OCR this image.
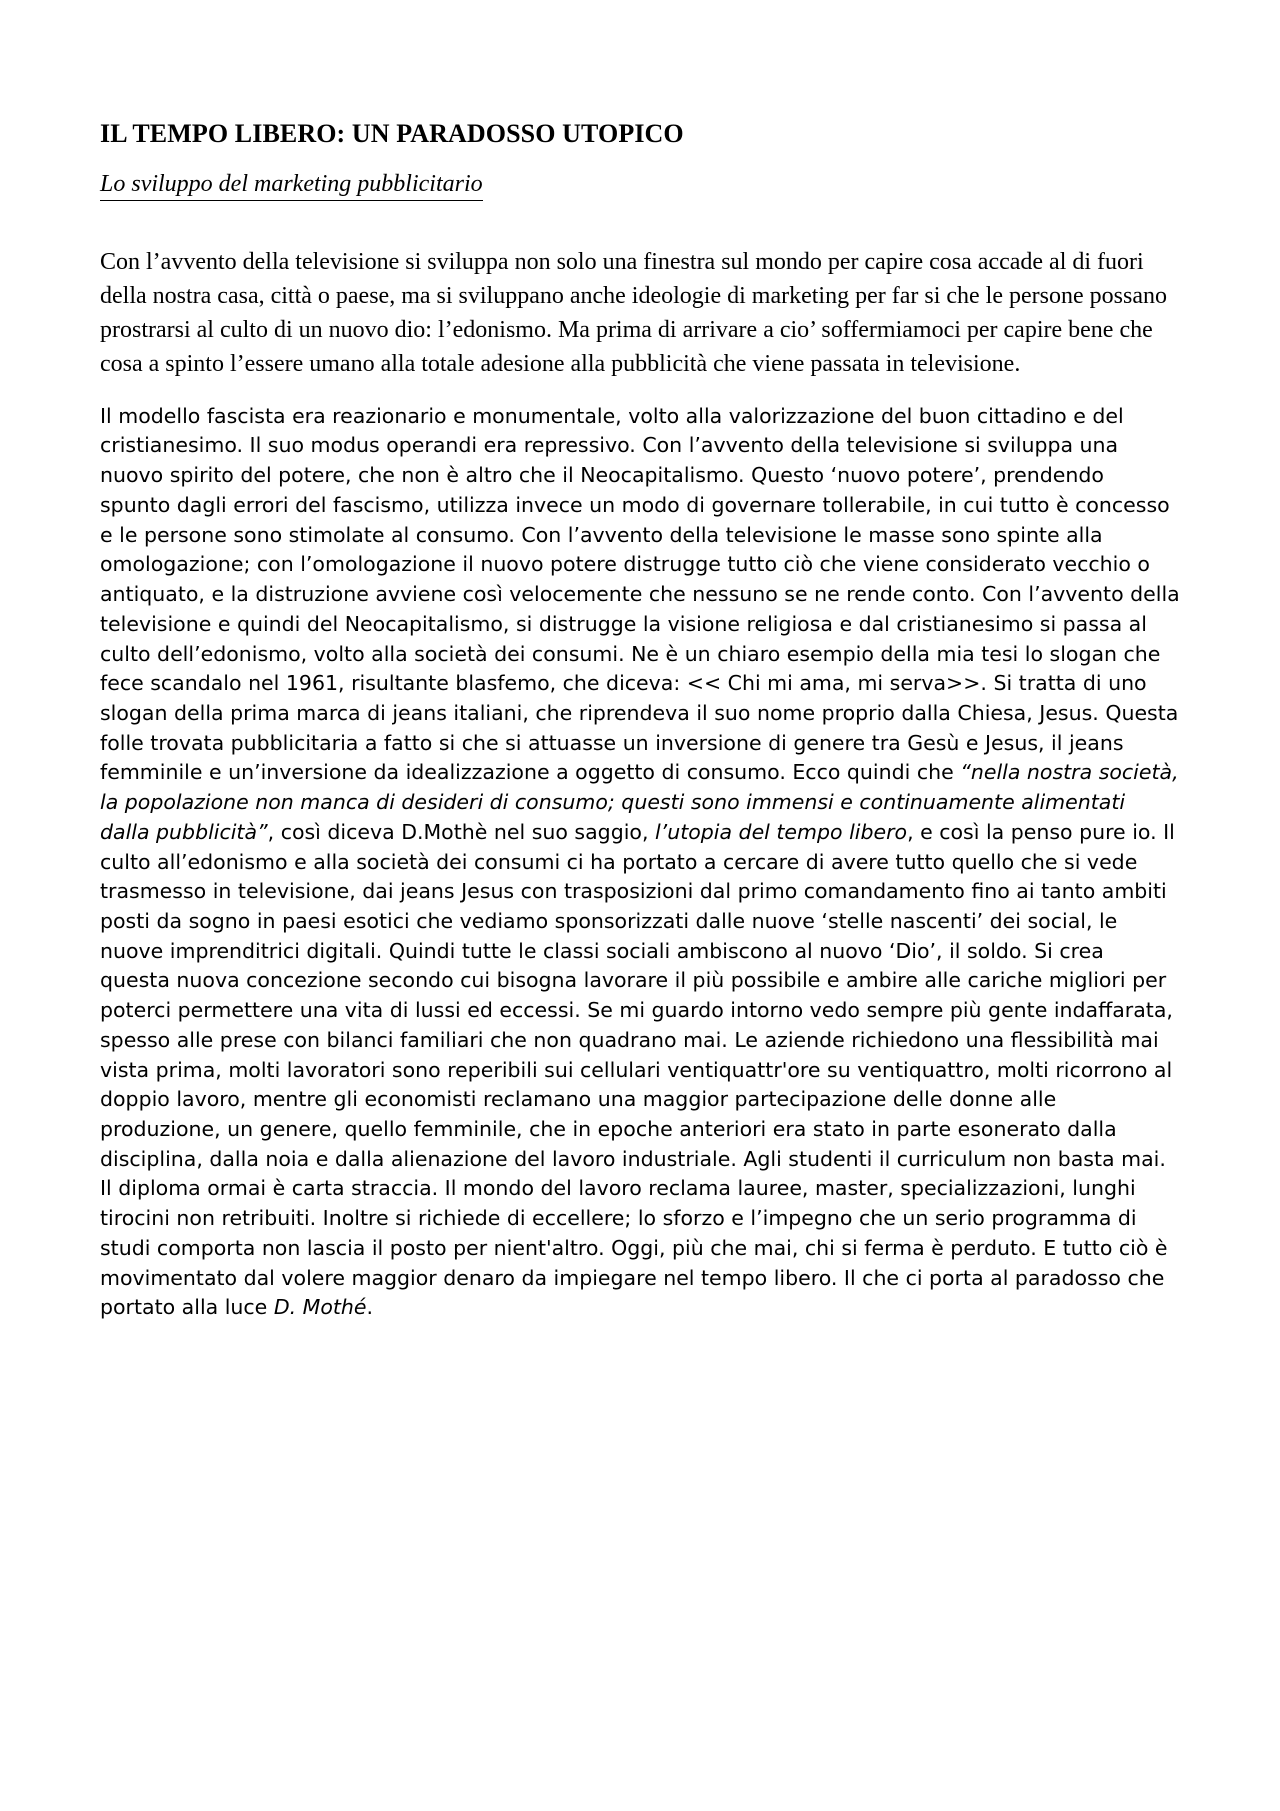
IL TEMPO LIBERO: UN PARADOSSO UTOPICO
Lo sviluppo del marketing pubblicitario

Con l’avvento della televisione si sviluppa non solo una finestra sul mondo per capire cosa accade al di fuori della nostra casa, città o paese, ma si sviluppano anche ideologie di marketing per far si che le persone possano prostrarsi al culto di un nuovo dio: l’edonismo. Ma prima di arrivare a cio’ soffermiamoci per capire bene che cosa a spinto l’essere umano alla totale adesione alla pubblicità che viene passata in televisione.

Il modello fascista era reazionario e monumentale, volto alla valorizzazione del buon cittadino e del cristianesimo. Il suo modus operandi era repressivo. Con l’avvento della televisione si sviluppa una nuovo spirito del potere, che non è altro che il Neocapitalismo. Questo ‘nuovo potere’, prendendo spunto dagli errori del fascismo, utilizza invece un modo di governare tollerabile, in cui tutto è concesso e le persone sono stimolate al consumo. Con l’avvento della televisione le masse sono spinte alla omologazione; con l’omologazione il nuovo potere distrugge tutto ciò che viene considerato vecchio o antiquato, e la distruzione avviene così velocemente che nessuno se ne rende conto. Con l’avvento della televisione e quindi del Neocapitalismo, si distrugge la visione religiosa e dal cristianesimo si passa al culto dell’edonismo, volto alla società dei consumi. Ne è un chiaro esempio della mia tesi lo slogan che fece scandalo nel 1961, risultante blasfemo, che diceva: << Chi mi ama, mi serva>>. Si tratta di uno slogan della prima marca di jeans italiani, che riprendeva il suo nome proprio dalla Chiesa, Jesus. Questa folle trovata pubblicitaria a fatto si che si attuasse un inversione di genere tra Gesù e Jesus, il jeans femminile e un’inversione da idealizzazione a oggetto di consumo. Ecco quindi che “nella nostra società, la popolazione non manca di desideri di consumo; questi sono immensi e continuamente alimentati dalla pubblicità”, così diceva D.Mothè nel suo saggio, l’utopia del tempo libero, e così la penso pure io. Il culto all’edonismo e alla società dei consumi ci ha portato a cercare di avere tutto quello che si vede trasmesso in televisione, dai jeans Jesus con trasposizioni dal primo comandamento fino ai tanto ambiti posti da sogno in paesi esotici che vediamo sponsorizzati dalle nuove ‘stelle nascenti’ dei social, le nuove imprenditrici digitali. Quindi tutte le classi sociali ambiscono al nuovo ‘Dio’, il soldo. Si crea questa nuova concezione secondo cui bisogna lavorare il più possibile e ambire alle cariche migliori per poterci permettere una vita di lussi ed eccessi. Se mi guardo intorno vedo sempre più gente indaffarata, spesso alle prese con bilanci familiari che non quadrano mai. Le aziende richiedono una flessibilità mai vista prima, molti lavoratori sono reperibili sui cellulari ventiquattr'ore su ventiquattro, molti ricorrono al doppio lavoro, mentre gli economisti reclamano una maggior partecipazione delle donne alle produzione, un genere, quello femminile, che in epoche anteriori era stato in parte esonerato dalla disciplina, dalla noia e dalla alienazione del lavoro industriale. Agli studenti il curriculum non basta mai. Il diploma ormai è carta straccia. Il mondo del lavoro reclama lauree, master, specializzazioni, lunghi tirocini non retribuiti. Inoltre si richiede di eccellere; lo sforzo e l’impegno che un serio programma di studi comporta non lascia il posto per nient'altro. Oggi, più che mai, chi si ferma è perduto. E tutto ciò è movimentato dal volere maggior denaro da impiegare nel tempo libero. Il che ci porta al paradosso che portato alla luce D. Mothé.
